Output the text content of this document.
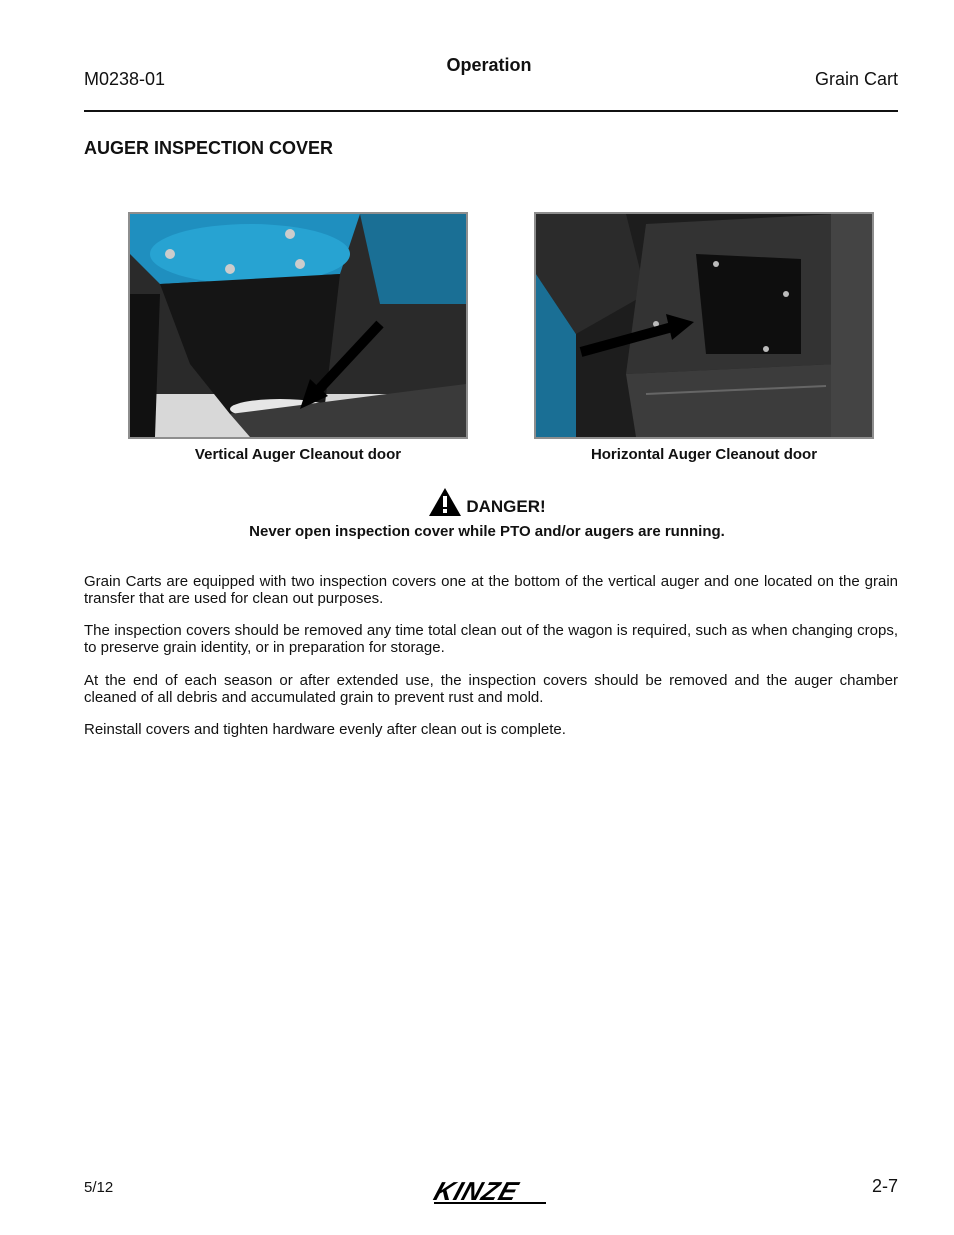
M0238-01
Operation
Grain Cart
AUGER INSPECTION COVER
Vertical Auger Cleanout door	Horizontal Auger Cleanout door
DANGER!
Never open inspection cover while PTO and/or augers are running.
Grain Carts are equipped with two inspection covers one at the bottom of the vertical auger and one located on the grain transfer that are used for clean out purposes.
The inspection covers should be removed any time total clean out of the wagon is required, such as when changing crops, to preserve grain identity, or in preparation for storage.
At the end of each season or after extended use, the inspection covers should be removed and the auger chamber cleaned of all debris and accumulated grain to prevent rust and mold.
Reinstall covers and tighten hardware evenly after clean out is complete.
5/12	KINZE	2-7
